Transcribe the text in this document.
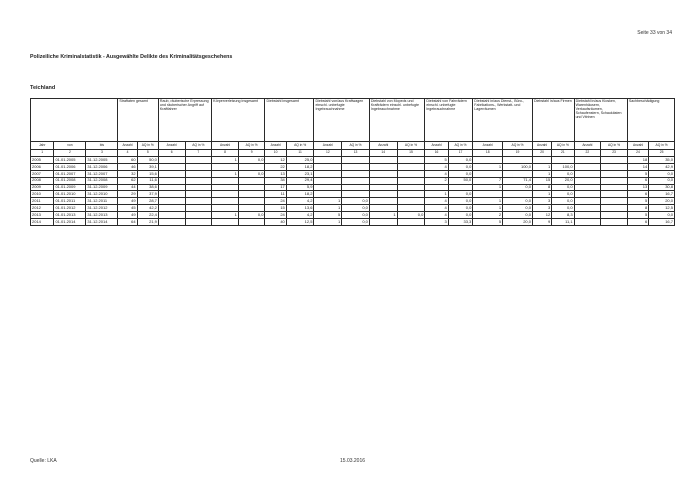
Seite 33 von 34
Polizeiliche Kriminalstatistik - Ausgewählte Delikte des Kriminalitätsgeschehens
Teichland
			Straftaten gesamt		Raub, räuberische Erpressung und räuberischer Angriff auf Kraftfahrer		Körperverletzung insgesamt		Diebstahl insgesamt		Diebstahl von/aus Kraftwagen einschl. unbefugte Ingebrauchnahme		Diebstahl von Mopeds und Krafträdern einschl. unbefugte Ingebrauchnahme		Diebstahl von Fahrrädern einschl. unbefugte Ingebrauchnahme		Diebstahl in/aus Dienst-, Büro-, Fabrikations-, Werkstatt- und Lagerräumen		Diebstahl in/aus Firmen		Diebstahl in/aus Kiosken, Warenhäusern, Verkaufsräumen, Schaufenstern, Schaukästen und Vitrinen		Sachbeschädigung	
Jahr	von	bis	Anzahl	AQ in %	Anzahl	AQ in %	Anzahl	AQ in %	Anzahl	AQ in %	Anzahl	AQ in %	Anzahl	AQ in %	Anzahl	AQ in %	Anzahl	AQ in %	Anzahl	AQ in %	Anzahl	AQ in %	Anzahl	AQ in %
1	2	3	4	5	6	7	8	9	10	11	12	13	14	15	16	17	18	19	20	21	22	23	24	25
2005	01.01.2005	31.12.2005	60	50,0			1	0,0	12	25,0					5	0,0							18	35,0
2006	01.01.2006	31.12.2006	46	39,1					22	18,2					4	0,0	1	100,0	1	100,0			14	42,9
2007	01.01.2007	31.12.2007	32	15,6			1	0,0	13	23,1					4	0,0			1	0,0			5	0,0
2008	01.01.2008	31.12.2008	62	11,6					34	29,4					2	50,0	7	71,4	15	20,0			6	0,0
2009	01.01.2009	31.12.2009	44	38,6					17	5,9							1	0,0	8	0,0			13	30,8
2010	01.01.2010	31.12.2010	29	37,9					11	18,2					1	0,0			1	0,0			6	16,7
2011	01.01.2011	31.12.2011	49	28,7					24	4,2	1	0,0			4	0,0	1	0,0	3	0,0			5	20,0
2012	01.01.2012	31.12.2012	45	42,2					15	13,6	1	0,0			4	0,0	1	0,0	3	0,0			8	12,5
2013	01.01.2013	31.12.2013	49	22,4			1	0,0	24	4,2	5	0,0	1	0,0	4	0,0	2	0,0	12	8,3			5	0,0
2014	01.01.2014	31.12.2014	64	21,9					40	12,5	1	0,0			3	33,3	5	20,0	9	11,1			6	16,7
Quelle: LKA	15.03.2016
